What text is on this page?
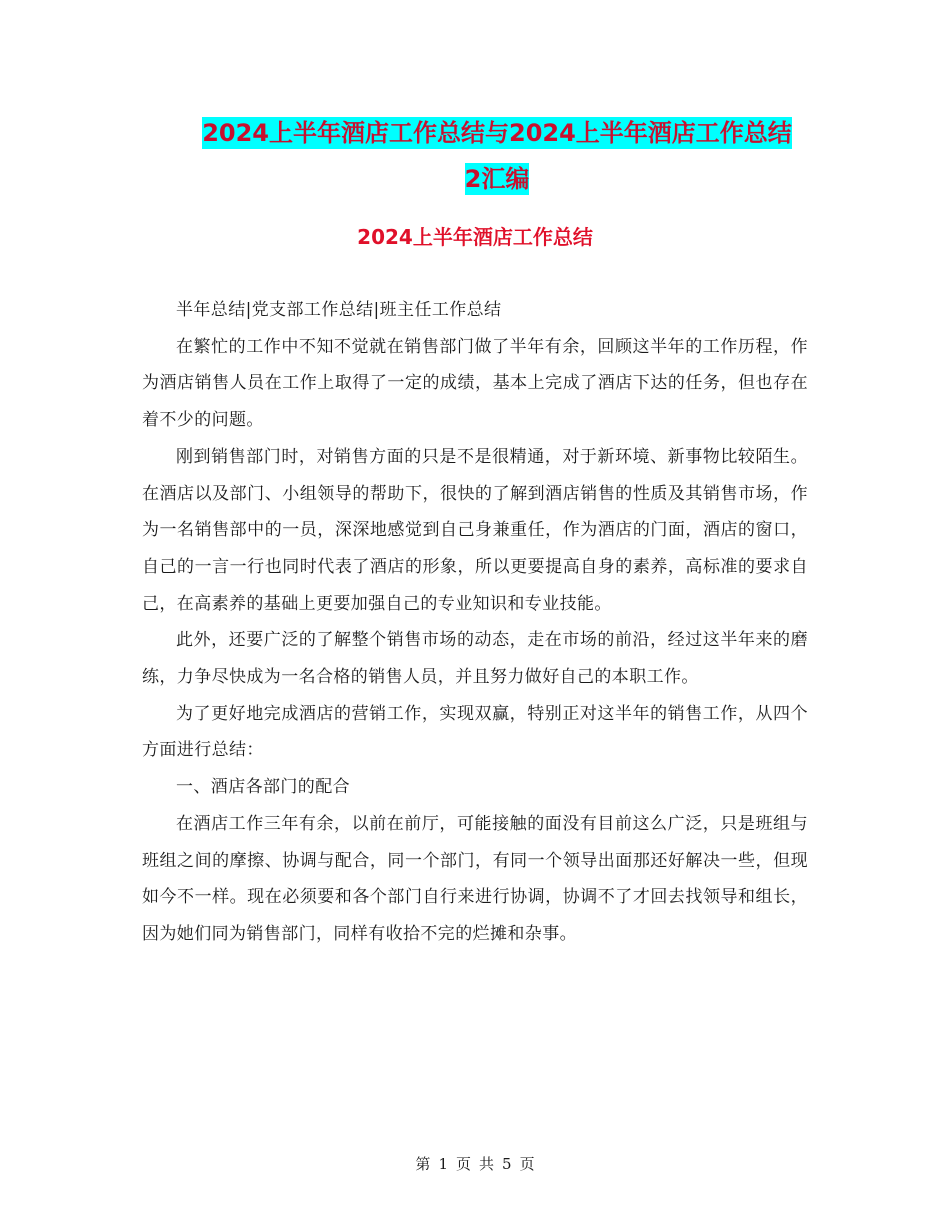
2024上半年酒店工作总结与2024上半年酒店工作总结
2汇编
2024上半年酒店工作总结

半年总结|党支部工作总结|班主任工作总结

在繁忙的工作中不知不觉就在销售部门做了半年有余，回顾这半年的工作历程，作为酒店销售人员在工作上取得了一定的成绩，基本上完成了酒店下达的任务，但也存在着不少的问题。

刚到销售部门时，对销售方面的只是不是很精通，对于新环境、新事物比较陌生。在酒店以及部门、小组领导的帮助下，很快的了解到酒店销售的性质及其销售市场，作为一名销售部中的一员，深深地感觉到自己身兼重任，作为酒店的门面，酒店的窗口，自己的一言一行也同时代表了酒店的形象，所以更要提高自身的素养，高标准的要求自己，在高素养的基础上更要加强自己的专业知识和专业技能。

此外，还要广泛的了解整个销售市场的动态，走在市场的前沿，经过这半年来的磨练，力争尽快成为一名合格的销售人员，并且努力做好自己的本职工作。

为了更好地完成酒店的营销工作，实现双赢，特别正对这半年的销售工作，从四个方面进行总结：

一、酒店各部门的配合

在酒店工作三年有余，以前在前厅，可能接触的面没有目前这么广泛，只是班组与班组之间的摩擦、协调与配合，同一个部门，有同一个领导出面那还好解决一些，但现如今不一样。现在必须要和各个部门自行来进行协调，协调不了才回去找领导和组长，因为她们同为销售部门，同样有收拾不完的烂摊和杂事。

第 1 页 共 5 页
